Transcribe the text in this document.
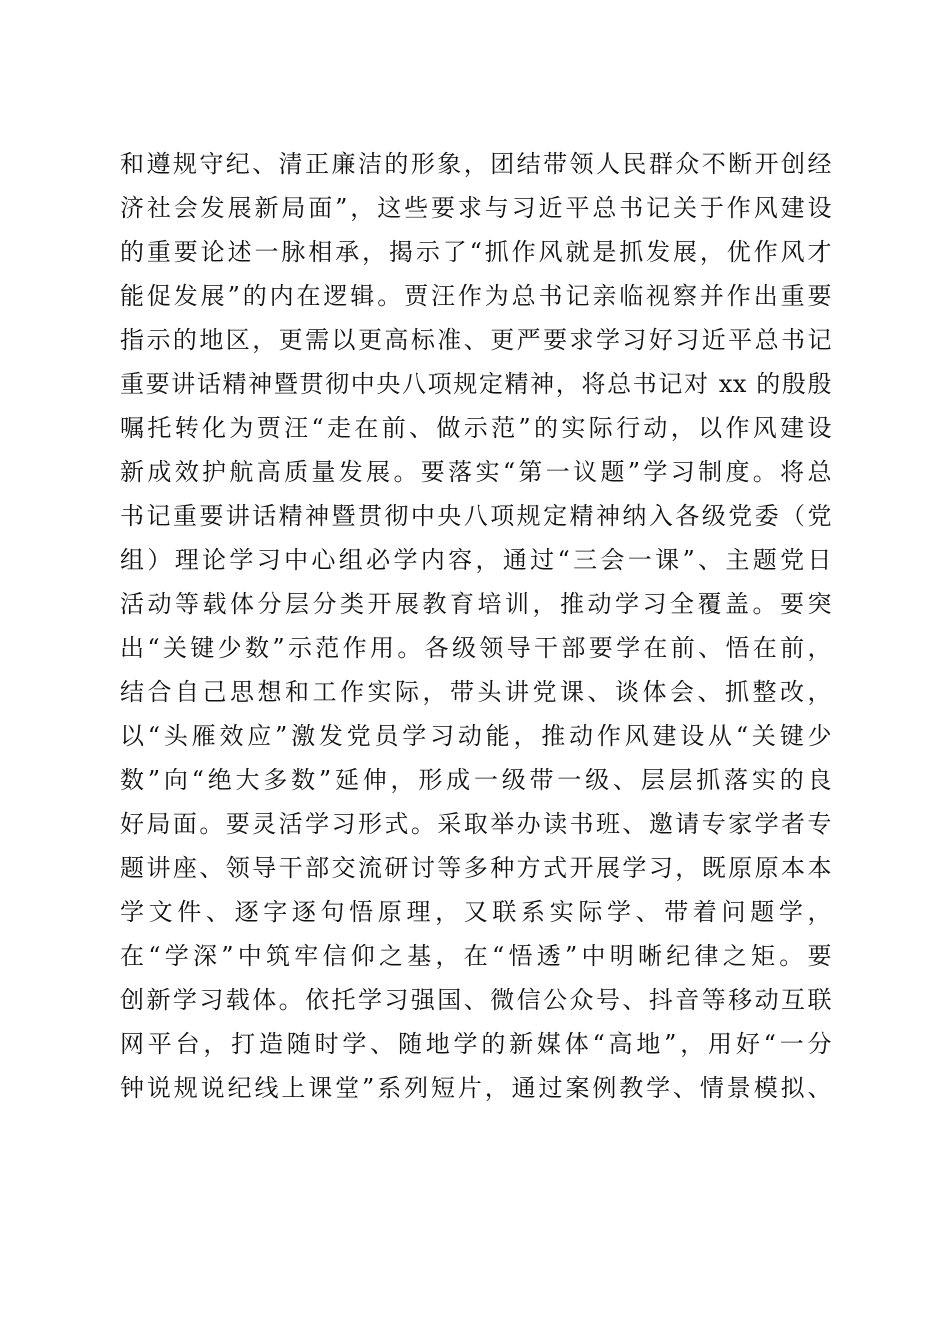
和遵规守纪、清正廉洁的形象，团结带领人民群众不断开创经
济社会发展新局面”，这些要求与习近平总书记关于作风建设
的重要论述一脉相承，揭示了“抓作风就是抓发展，优作风才
能促发展”的内在逻辑。贾汪作为总书记亲临视察并作出重要
指示的地区，更需以更高标准、更严要求学习好习近平总书记
重要讲话精神暨贯彻中央八项规定精神，将总书记对 xx 的殷殷
嘱托转化为贾汪“走在前、做示范”的实际行动，以作风建设
新成效护航高质量发展。要落实“第一议题”学习制度。将总
书记重要讲话精神暨贯彻中央八项规定精神纳入各级党委（党
组）理论学习中心组必学内容，通过“三会一课”、主题党日
活动等载体分层分类开展教育培训，推动学习全覆盖。要突
出“关键少数”示范作用。各级领导干部要学在前、悟在前，
结合自己思想和工作实际，带头讲党课、谈体会、抓整改，
以“头雁效应”激发党员学习动能，推动作风建设从“关键少
数”向“绝大多数”延伸，形成一级带一级、层层抓落实的良
好局面。要灵活学习形式。采取举办读书班、邀请专家学者专
题讲座、领导干部交流研讨等多种方式开展学习，既原原本本
学文件、逐字逐句悟原理，又联系实际学、带着问题学，
在“学深”中筑牢信仰之基，在“悟透”中明晰纪律之矩。要
创新学习载体。依托学习强国、微信公众号、抖音等移动互联
网平台，打造随时学、随地学的新媒体“高地”，用好“一分
钟说规说纪线上课堂”系列短片，通过案例教学、情景模拟、
